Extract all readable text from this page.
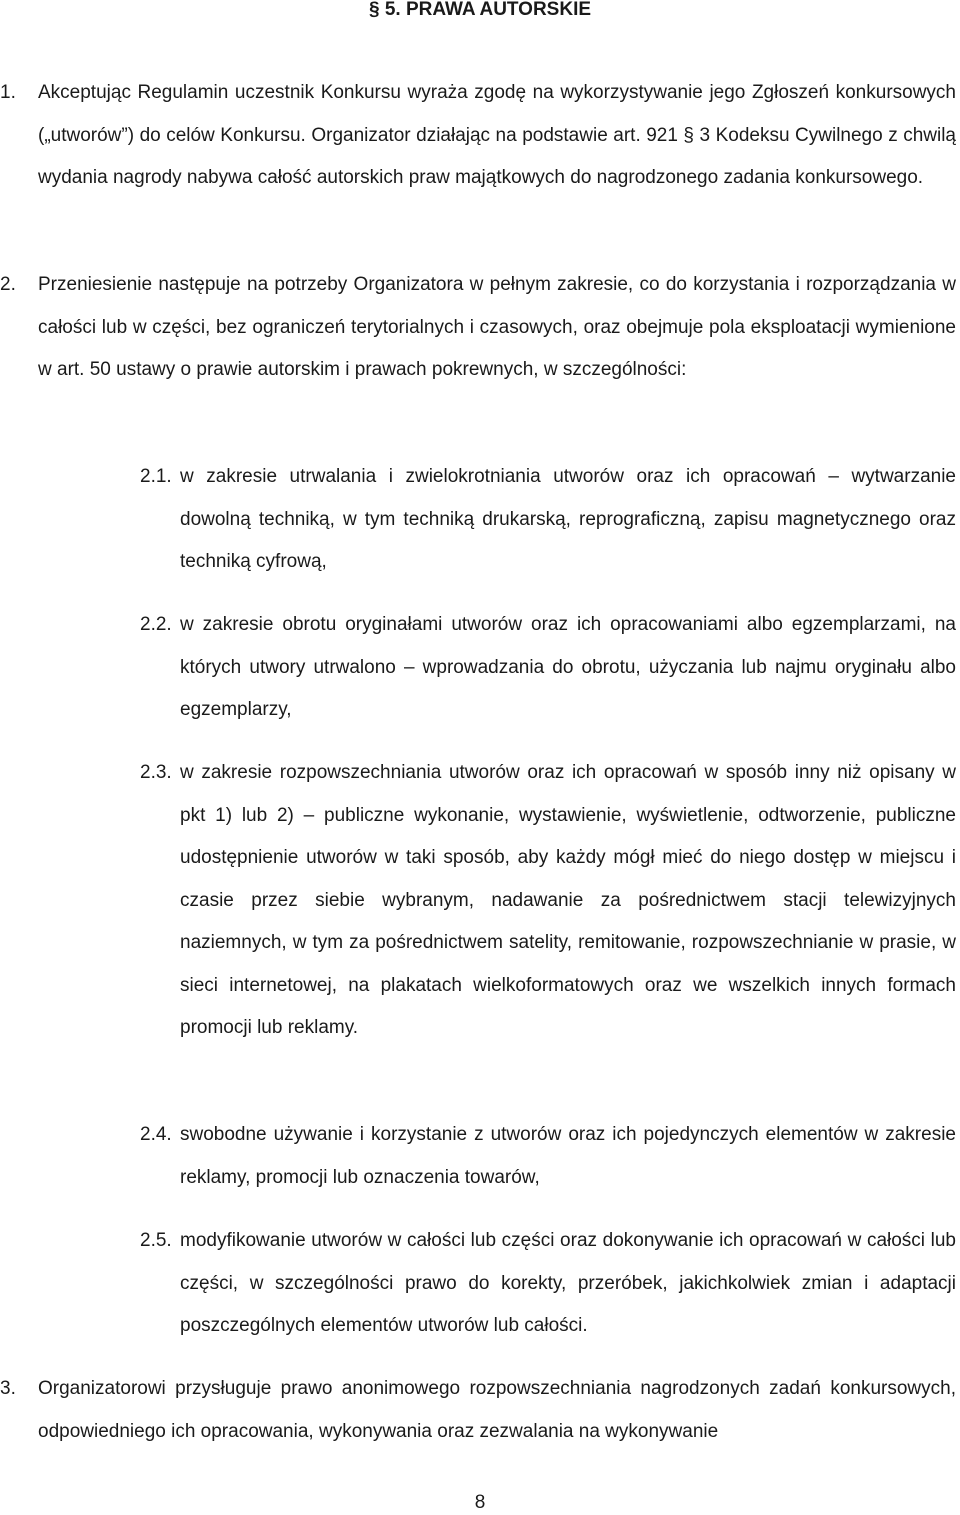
§ 5. PRAWA AUTORSKIE
1.	Akceptując Regulamin uczestnik Konkursu wyraża zgodę na wykorzystywanie jego Zgłoszeń konkursowych („utworów”) do celów Konkursu. Organizator działając na podstawie art. 921 § 3 Kodeksu Cywilnego z chwilą wydania nagrody nabywa całość autorskich praw majątkowych do nagrodzonego zadania konkursowego.
2.	Przeniesienie następuje na potrzeby Organizatora w pełnym zakresie, co do korzystania i rozporządzania w całości lub w części, bez ograniczeń terytorialnych i czasowych, oraz obejmuje pola eksploatacji wymienione w art. 50 ustawy o prawie autorskim i prawach pokrewnych, w szczególności:
2.1. w zakresie utrwalania i zwielokrotniania utworów oraz ich opracowań – wytwarzanie dowolną techniką, w tym techniką drukarską, reprograficzną, zapisu magnetycznego oraz techniką cyfrową,
2.2. w zakresie obrotu oryginałami utworów oraz ich opracowaniami albo egzemplarzami, na których utwory utrwalono – wprowadzania do obrotu, użyczania lub najmu oryginału albo egzemplarzy,
2.3. w zakresie rozpowszechniania utworów oraz ich opracowań w sposób inny niż opisany w pkt 1) lub 2) – publiczne wykonanie, wystawienie, wyświetlenie, odtworzenie, publiczne udostępnienie utworów w taki sposób, aby każdy mógł mieć do niego dostęp w miejscu i czasie przez siebie wybranym, nadawanie za pośrednictwem stacji telewizyjnych naziemnych, w tym za pośrednictwem satelity, remitowanie, rozpowszechnianie w prasie, w sieci internetowej, na plakatach wielkoformatowych oraz we wszelkich innych formach promocji lub reklamy.
2.4. swobodne używanie i korzystanie z utworów oraz ich pojedynczych elementów w zakresie reklamy, promocji lub oznaczenia towarów,
2.5. modyfikowanie utworów w całości lub części oraz dokonywanie ich opracowań w całości lub części, w szczególności prawo do korekty, przeróbek, jakichkolwiek zmian i adaptacji poszczególnych elementów utworów lub całości.
3.	Organizatorowi przysługuje prawo anonimowego rozpowszechniania nagrodzonych zadań konkursowych, odpowiedniego ich opracowania, wykonywania oraz zezwalania na wykonywanie
8
